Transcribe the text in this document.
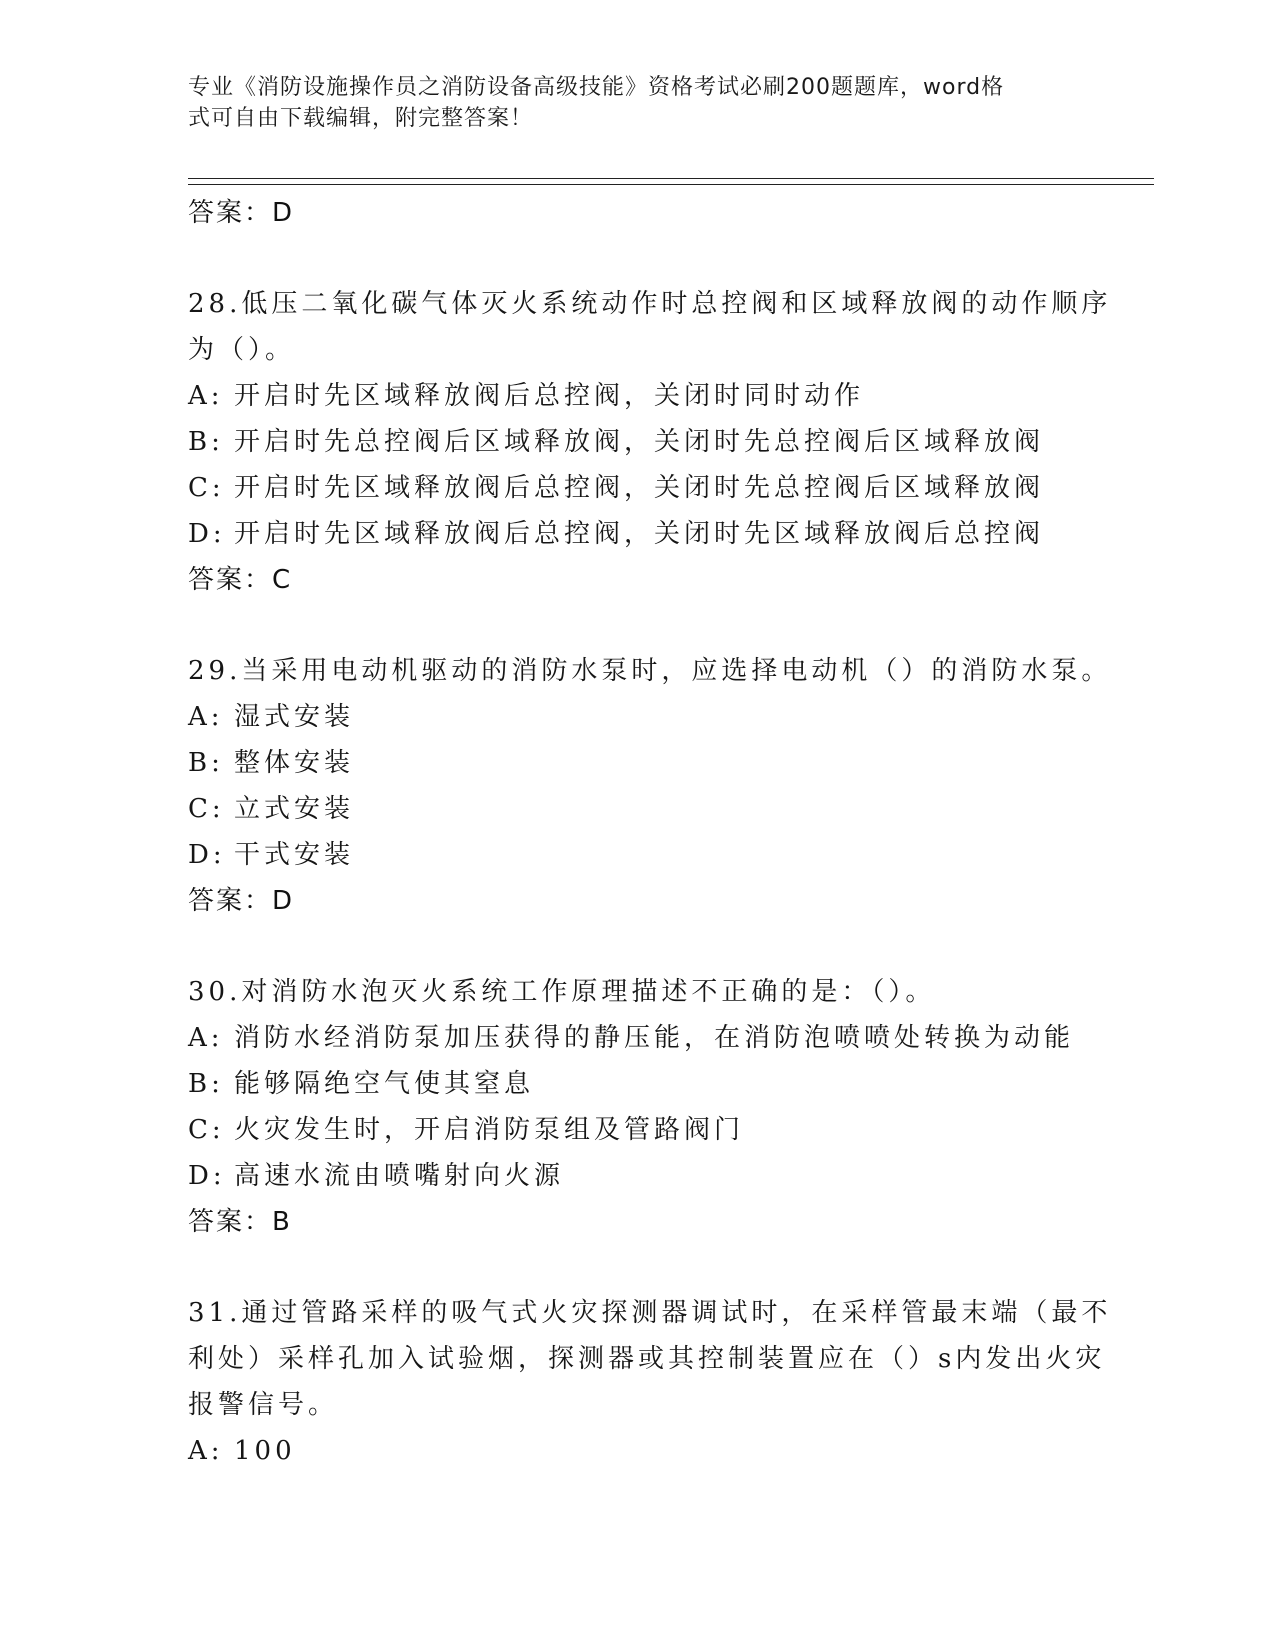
专业《消防设施操作员之消防设备高级技能》资格考试必刷200题题库，word格
式可自由下载编辑，附完整答案！
答案：D
28.低压二氧化碳气体灭火系统动作时总控阀和区域释放阀的动作顺序
为（）。
A: 开启时先区域释放阀后总控阀，关闭时同时动作
B: 开启时先总控阀后区域释放阀，关闭时先总控阀后区域释放阀
C: 开启时先区域释放阀后总控阀，关闭时先总控阀后区域释放阀
D: 开启时先区域释放阀后总控阀，关闭时先区域释放阀后总控阀
答案：C
29.当采用电动机驱动的消防水泵时，应选择电动机（）的消防水泵。
A: 湿式安装
B: 整体安装
C: 立式安装
D: 干式安装
答案：D
30.对消防水泡灭火系统工作原理描述不正确的是：（）。
A: 消防水经消防泵加压获得的静压能，在消防泡喷喷处转换为动能
B: 能够隔绝空气使其窒息
C: 火灾发生时，开启消防泵组及管路阀门
D: 高速水流由喷嘴射向火源
答案：B
31.通过管路采样的吸气式火灾探测器调试时，在采样管最末端（最不
利处）采样孔加入试验烟，探测器或其控制装置应在（）s内发出火灾
报警信号。
A: 100
